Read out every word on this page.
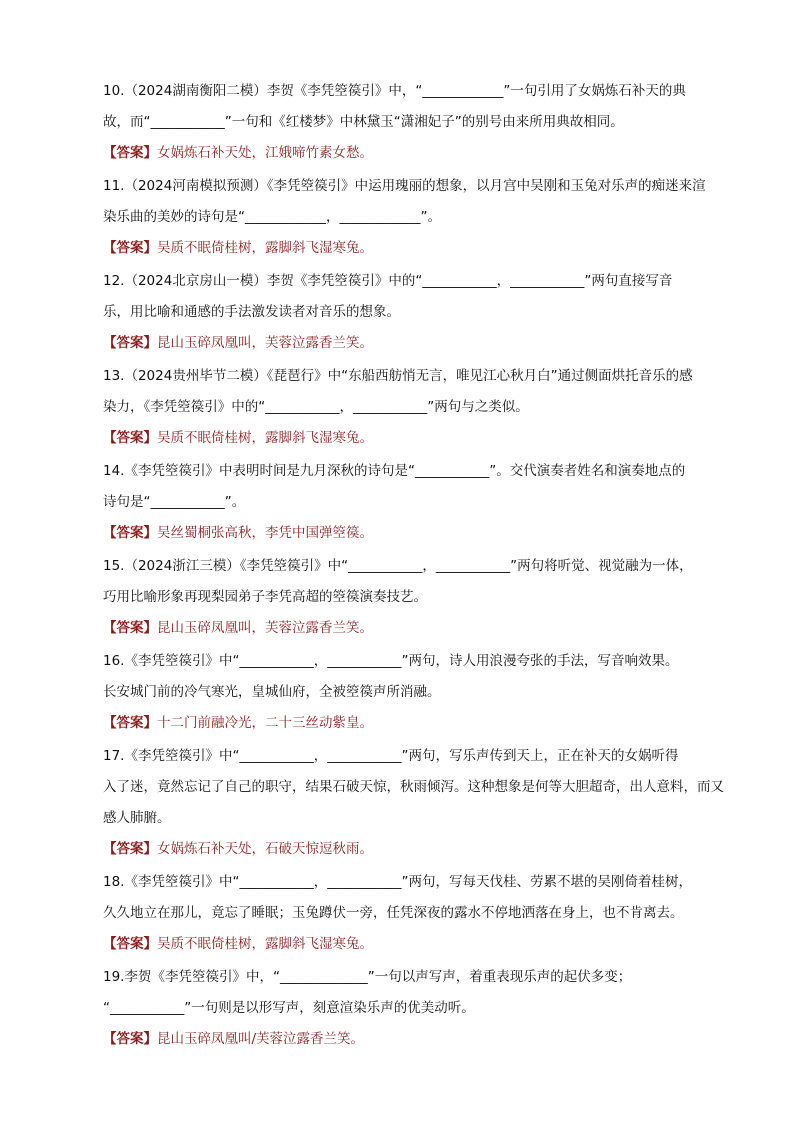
10.（2024湖南衡阳二模）李贺《李凭箜篌引》中，“____________”一句引用了女娲炼石补天的典

故，而“___________”一句和《红楼梦》中林黛玉“潇湘妃子”的别号由来所用典故相同。

【答案】女娲炼石补天处，江娥啼竹素女愁。

11.（2024河南模拟预测）《李凭箜篌引》中运用瑰丽的想象，以月宫中吴刚和玉兔对乐声的痴迷来渲

染乐曲的美妙的诗句是“____________，____________”。

【答案】吴质不眠倚桂树，露脚斜飞湿寒兔。

12.（2024北京房山一模）李贺《李凭箜篌引》中的“___________，___________”两句直接写音

乐，用比喻和通感的手法激发读者对音乐的想象。

【答案】昆山玉碎凤凰叫，芙蓉泣露香兰笑。

13.（2024贵州毕节二模）《琵琶行》中“东船西舫悄无言，唯见江心秋月白”通过侧面烘托音乐的感

染力，《李凭箜篌引》中的“___________，___________”两句与之类似。

【答案】吴质不眠倚桂树，露脚斜飞湿寒兔。

14.《李凭箜篌引》中表明时间是九月深秋的诗句是“___________”。交代演奏者姓名和演奏地点的

诗句是“___________”。

【答案】吴丝蜀桐张高秋，李凭中国弹箜篌。

15.（2024浙江三模）《李凭箜篌引》中“___________，___________”两句将听觉、视觉融为一体，

巧用比喻形象再现梨园弟子李凭高超的箜篌演奏技艺。

【答案】昆山玉碎凤凰叫，芙蓉泣露香兰笑。

16.《李凭箜篌引》中“___________，___________”两句，诗人用浪漫夸张的手法，写音响效果。

长安城门前的冷气寒光，皇城仙府，全被箜篌声所消融。

【答案】十二门前融冷光，二十三丝动紫皇。

17.《李凭箜篌引》中“___________，___________”两句，写乐声传到天上，正在补天的女娲听得

入了迷，竟然忘记了自己的职守，结果石破天惊，秋雨倾泻。这种想象是何等大胆超奇，出人意料，而又

感人肺腑。

【答案】女娲炼石补天处，石破天惊逗秋雨。

18.《李凭箜篌引》中“___________，___________”两句，写每天伐桂、劳累不堪的吴刚倚着桂树，

久久地立在那儿，竟忘了睡眠；玉兔蹲伏一旁，任凭深夜的露水不停地洒落在身上，也不肯离去。

【答案】吴质不眠倚桂树，露脚斜飞湿寒兔。

19.李贺《李凭箜篌引》中，“_____________”一句以声写声，着重表现乐声的起伏多变；

“___________”一句则是以形写声，刻意渲染乐声的优美动听。

【答案】昆山玉碎凤凰叫/芙蓉泣露香兰笑。
